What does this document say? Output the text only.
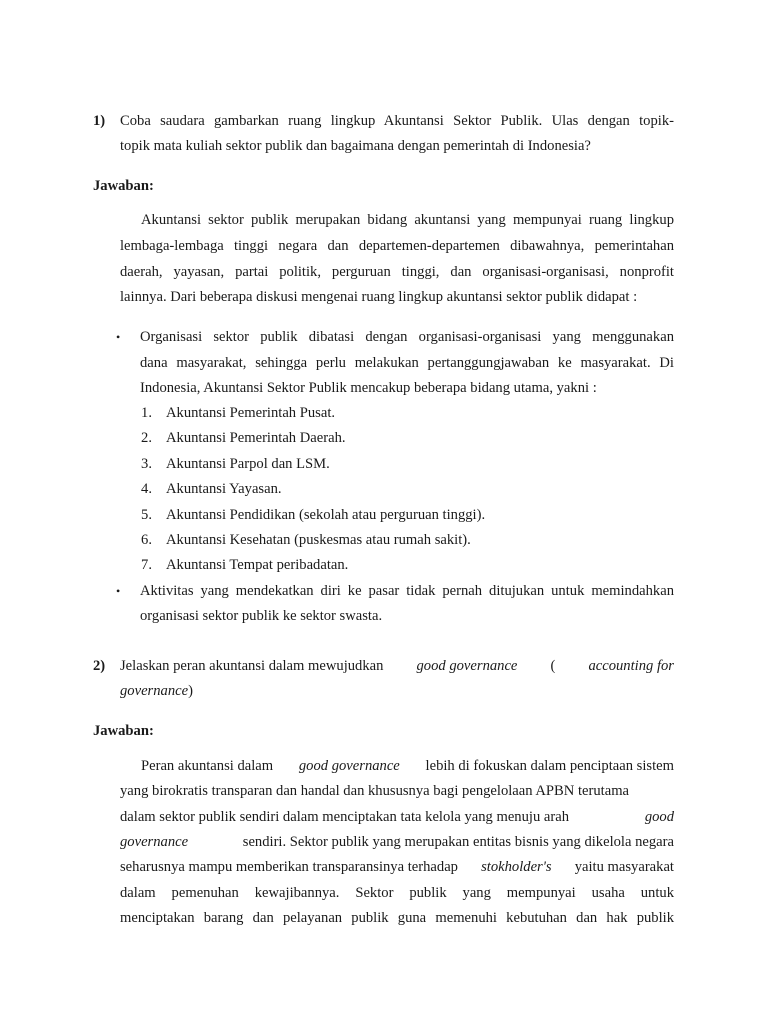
1) Coba saudara gambarkan ruang lingkup Akuntansi Sektor Publik. Ulas dengan topik-
topik mata kuliah sektor publik dan bagaimana dengan pemerintah di Indonesia?
Jawaban:
Akuntansi sektor publik merupakan bidang akuntansi yang mempunyai ruang lingkup
lembaga-lembaga tinggi negara dan departemen-departemen dibawahnya, pemerintahan
daerah, yayasan, partai politik, perguruan tinggi, dan organisasi-organisasi, nonprofit
lainnya. Dari beberapa diskusi mengenai ruang lingkup akuntansi sektor publik didapat :
• Organisasi sektor publik dibatasi dengan organisasi-organisasi yang menggunakan
dana masyarakat, sehingga perlu melakukan pertanggungjawaban ke masyarakat. Di
Indonesia, Akuntansi Sektor Publik mencakup beberapa bidang utama, yakni :
1. Akuntansi Pemerintah Pusat.
2. Akuntansi Pemerintah Daerah.
3. Akuntansi Parpol dan LSM.
4. Akuntansi Yayasan.
5. Akuntansi Pendidikan (sekolah atau perguruan tinggi).
6. Akuntansi Kesehatan (puskesmas atau rumah sakit).
7. Akuntansi Tempat peribadatan.
• Aktivitas yang mendekatkan diri ke pasar tidak pernah ditujukan untuk memindahkan
organisasi sektor publik ke sektor swasta.
2) Jelaskan peran akuntansi dalam mewujudkan good governance ( accounting for
governance)
Jawaban:
Peran akuntansi dalam good governance lebih di fokuskan dalam penciptaan sistem
yang birokratis transparan dan handal dan khususnya bagi pengelolaan APBN terutama
dalam sektor publik sendiri dalam menciptakan tata kelola yang menuju arah	good
governance	sendiri. Sektor publik yang merupakan entitas bisnis yang dikelola negara
seharusnya mampu memberikan transparansinya terhadap stokholder's yaitu masyarakat
dalam pemenuhan kewajibannya. Sektor publik yang mempunyai usaha untuk
menciptakan barang dan pelayanan publik guna memenuhi kebutuhan dan hak publik
